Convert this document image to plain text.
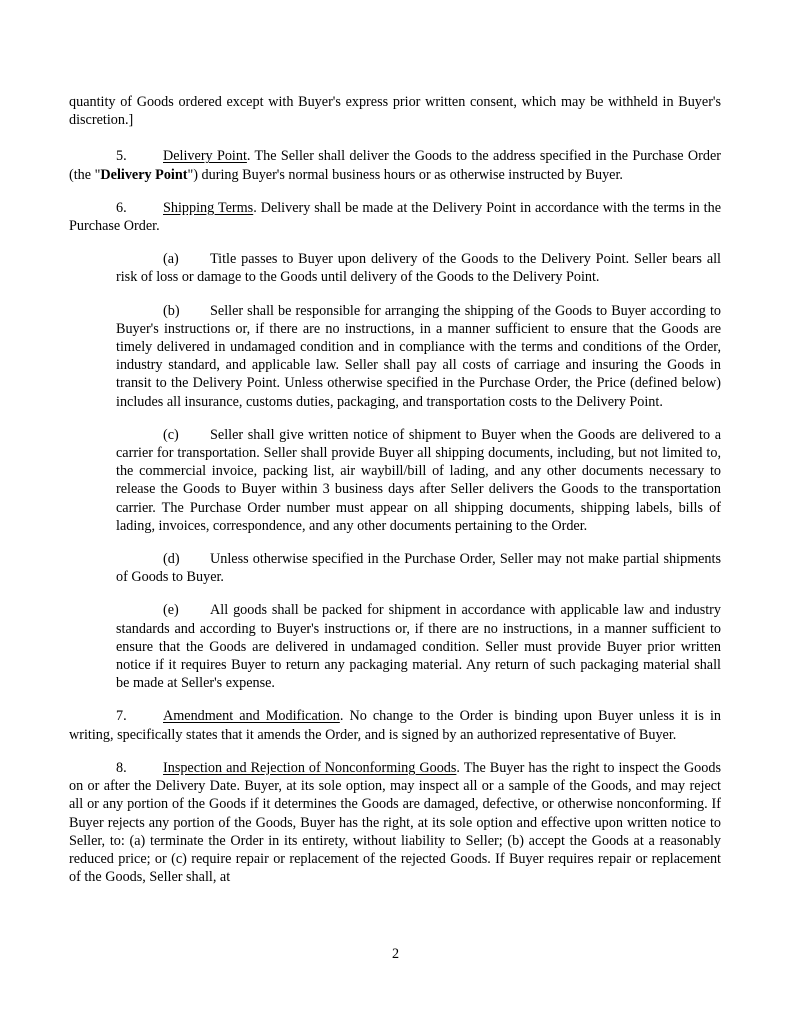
quantity of Goods ordered except with Buyer's express prior written consent, which may be withheld in Buyer's discretion.]

5.	Delivery Point. The Seller shall deliver the Goods to the address specified in the Purchase Order (the "Delivery Point") during Buyer's normal business hours or as otherwise instructed by Buyer.

6.	Shipping Terms. Delivery shall be made at the Delivery Point in accordance with the terms in the Purchase Order.

(a) Title passes to Buyer upon delivery of the Goods to the Delivery Point. Seller bears all risk of loss or damage to the Goods until delivery of the Goods to the Delivery Point.

(b) Seller shall be responsible for arranging the shipping of the Goods to Buyer according to Buyer's instructions or, if there are no instructions, in a manner sufficient to ensure that the Goods are timely delivered in undamaged condition and in compliance with the terms and conditions of the Order, industry standard, and applicable law. Seller shall pay all costs of carriage and insuring the Goods in transit to the Delivery Point. Unless otherwise specified in the Purchase Order, the Price (defined below) includes all insurance, customs duties, packaging, and transportation costs to the Delivery Point.

(c) Seller shall give written notice of shipment to Buyer when the Goods are delivered to a carrier for transportation. Seller shall provide Buyer all shipping documents, including, but not limited to, the commercial invoice, packing list, air waybill/bill of lading, and any other documents necessary to release the Goods to Buyer within 3 business days after Seller delivers the Goods to the transportation carrier. The Purchase Order number must appear on all shipping documents, shipping labels, bills of lading, invoices, correspondence, and any other documents pertaining to the Order.

(d) Unless otherwise specified in the Purchase Order, Seller may not make partial shipments of Goods to Buyer.

(e) All goods shall be packed for shipment in accordance with applicable law and industry standards and according to Buyer's instructions or, if there are no instructions, in a manner sufficient to ensure that the Goods are delivered in undamaged condition. Seller must provide Buyer prior written notice if it requires Buyer to return any packaging material. Any return of such packaging material shall be made at Seller's expense.

7.	Amendment and Modification. No change to the Order is binding upon Buyer unless it is in writing, specifically states that it amends the Order, and is signed by an authorized representative of Buyer.

8.	Inspection and Rejection of Nonconforming Goods. The Buyer has the right to inspect the Goods on or after the Delivery Date. Buyer, at its sole option, may inspect all or a sample of the Goods, and may reject all or any portion of the Goods if it determines the Goods are damaged, defective, or otherwise nonconforming. If Buyer rejects any portion of the Goods, Buyer has the right, at its sole option and effective upon written notice to Seller, to: (a) terminate the Order in its entirety, without liability to Seller; (b) accept the Goods at a reasonably reduced price; or (c) require repair or replacement of the rejected Goods. If Buyer requires repair or replacement of the Goods, Seller shall, at

2
